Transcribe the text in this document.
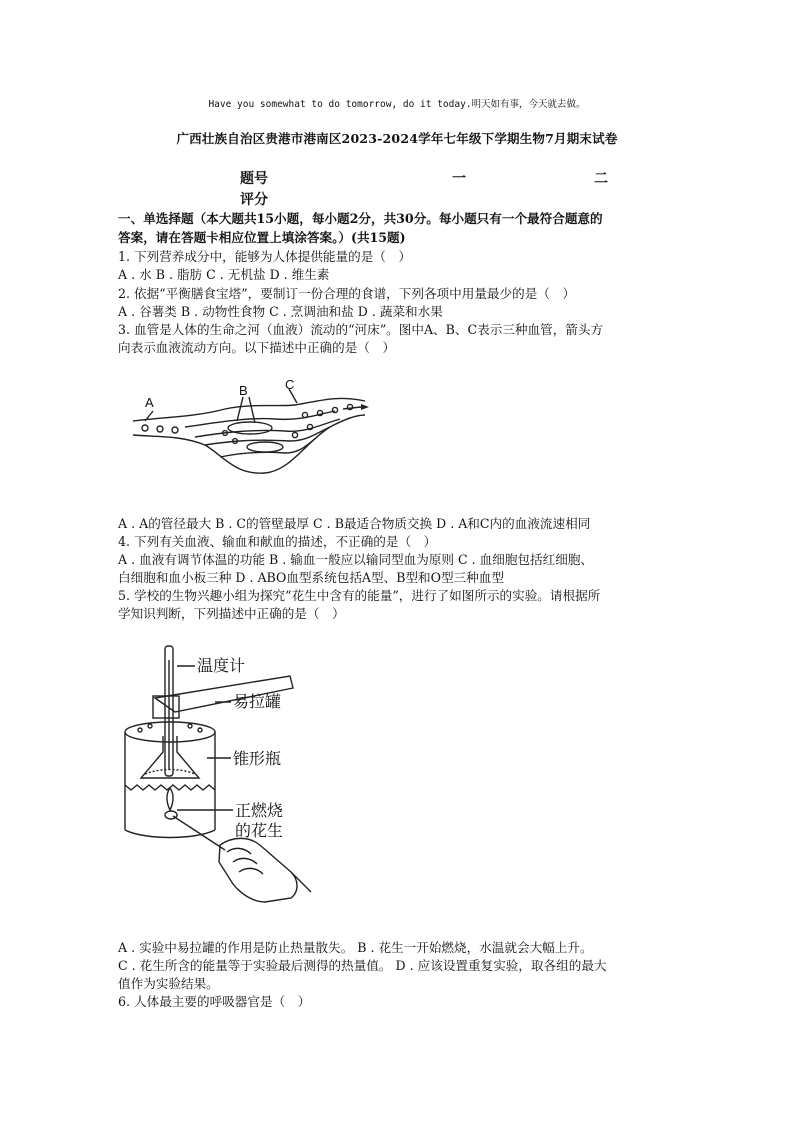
Have you somewhat to do tomorrow, do it today.明天如有事，今天就去做。
广西壮族自治区贵港市港南区2023-2024学年七年级下学期生物7月期末试卷
题号	一	二
评分
一、单选择题（本大题共15小题，每小题2分，共30分。每小题只有一个最符合题意的
答案，请在答题卡相应位置上填涂答案。）(共15题)
1. 下列营养成分中，能够为人体提供能量的是（　）
A . 水 B . 脂肪 C . 无机盐 D . 维生素
2. 依据“平衡膳食宝塔”，要制订一份合理的食谱，下列各项中用量最少的是（　）
A . 谷薯类 B . 动物性食物 C . 烹调油和盐 D . 蔬菜和水果
3. 血管是人体的生命之河（血液）流动的“河床”。图中A、B、C表示三种血管，箭头方
向表示血液流动方向。以下描述中正确的是（　）
A
B	C
A . A的管径最大 B . C的管壁最厚 C . B最适合物质交换 D . A和C内的血液流速相同
4. 下列有关血液、输血和献血的描述，不正确的是（　）
A . 血液有调节体温的功能 B . 输血一般应以输同型血为原则 C . 血细胞包括红细胞、
白细胞和血小板三种 D . ABO血型系统包括A型、B型和O型三种血型
5. 学校的生物兴趣小组为探究“花生中含有的能量”，进行了如图所示的实验。请根据所
学知识判断，下列描述中正确的是（　）
温度计
易拉罐
锥形瓶
正燃烧
的花生
A . 实验中易拉罐的作用是防止热量散失。 B . 花生一开始燃烧，水温就会大幅上升。
C . 花生所含的能量等于实验最后测得的热量值。 D . 应该设置重复实验，取各组的最大
值作为实验结果。
6. 人体最主要的呼吸器官是（　）
